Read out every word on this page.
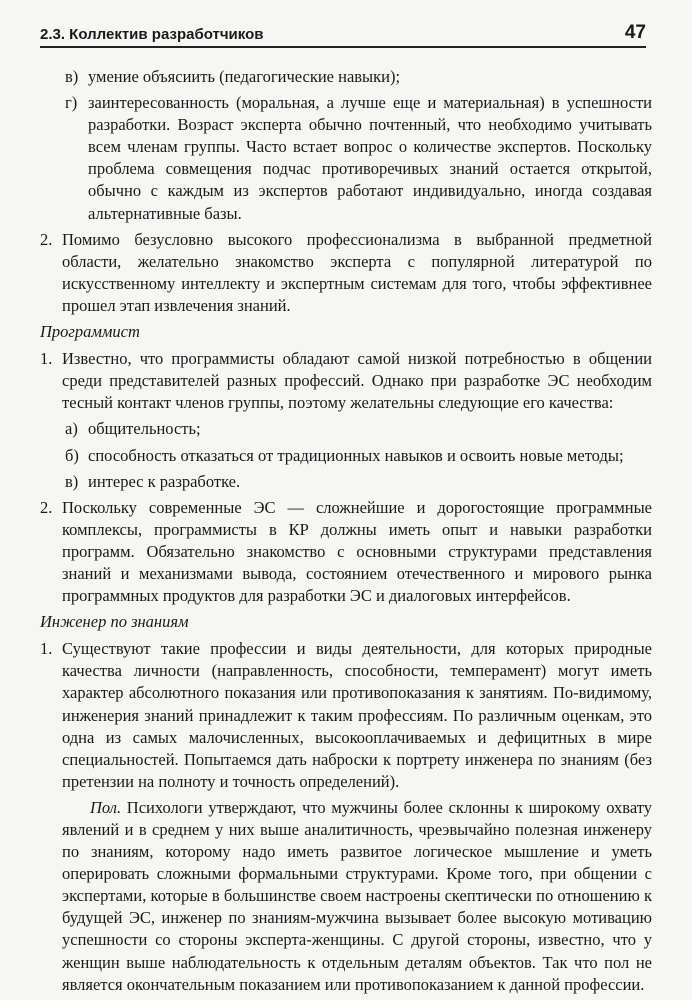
2.3. Коллектив разработчиков	47
в) умение объясиить (педагогические навыки);
г) заинтересованность (моральная, а лучше еще и материальная) в успешности разработки. Возраст эксперта обычно почтенный, что необходимо учитывать всем членам группы. Часто встает вопрос о количестве экспертов. Поскольку проблема совмещения подчас противоречивых знаний остается открытой, обычно с каждым из экспертов работают индивидуально, иногда создавая альтернативные базы.
2. Помимо безусловно высокого профессионализма в выбранной предметной области, желательно знакомство эксперта с популярной литературой по искусственному интеллекту и экспертным системам для того, чтобы эффективнее прошел этап извлечения знаний.
Программист
1. Известно, что программисты обладают самой низкой потребностью в общении среди представителей разных профессий. Однако при разработке ЭС необходим тесный контакт членов группы, поэтому желательны следующие его качества:
а) общительность;
б) способность отказаться от традиционных навыков и освоить новые методы;
в) интерес к разработке.
2. Поскольку современные ЭС — сложнейшие и дорогостоящие программные комплексы, программисты в КР должны иметь опыт и навыки разработки программ. Обязательно знакомство с основными структурами представления знаний и механизмами вывода, состоянием отечественного и мирового рынка программных продуктов для разработки ЭС и диалоговых интерфейсов.
Инженер по знаниям
1. Существуют такие профессии и виды деятельности, для которых природные качества личности (направленность, способности, темперамент) могут иметь характер абсолютного показания или противопоказания к занятиям. По-видимому, инженерия знаний принадлежит к таким профессиям. По различным оценкам, это одна из самых малочисленных, высокооплачиваемых и дефицитных в мире специальностей. Попытаемся дать наброски к портрету инженера по знаниям (без претензии на полноту и точность определений).
Пол. Психологи утверждают, что мужчины более склонны к широкому охвату явлений и в среднем у них выше аналитичность, чреэвычайно полезная инженеру по знаниям, которому надо иметь развитое логическое мышление и уметь оперировать сложными формальными структурами. Кроме того, при общении с экспертами, которые в большинстве своем настроены скептически по отношению к будущей ЭС, инженер по знаниям-мужчина вызывает более высокую мотивацию успешности со стороны эксперта-женщины. С другой стороны, известно, что у женщин выше наблюдательность к отдельным деталям объектов. Так что пол не является окончательным показанием или противопоказанием к данной профессии.
